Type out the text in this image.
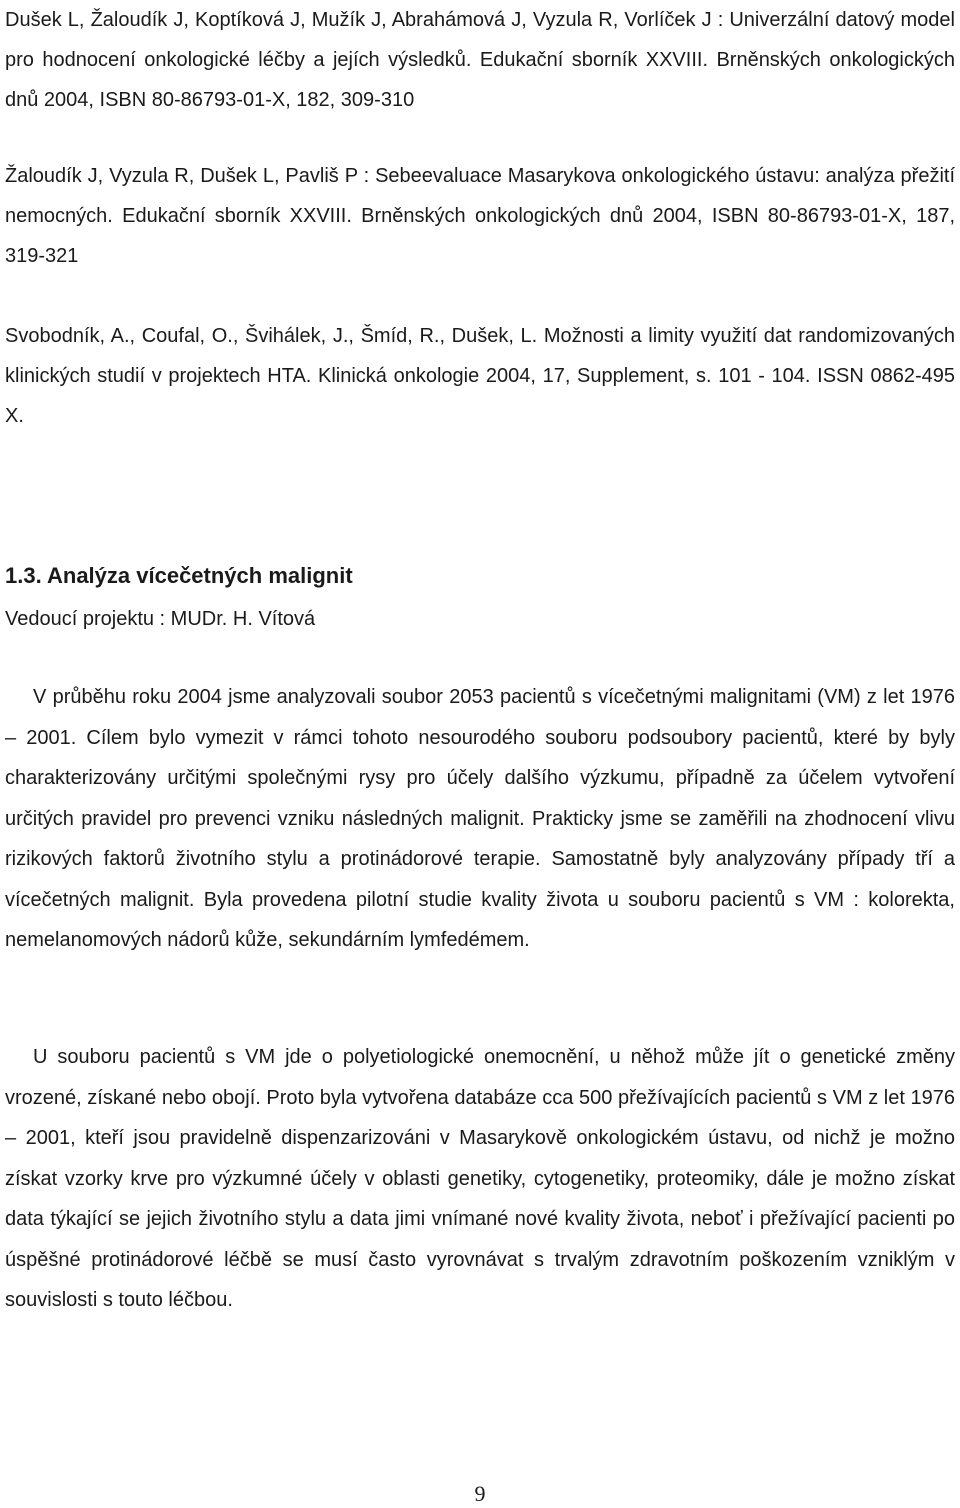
Dušek L, Žaloudík J, Koptíková J, Mužík J, Abrahámová J, Vyzula R, Vorlíček J : Univerzální datový model pro hodnocení onkologické léčby a jejích výsledků. Edukační sborník XXVIII. Brněnských onkologických dnů 2004, ISBN 80-86793-01-X, 182, 309-310

Žaloudík J, Vyzula R, Dušek L, Pavliš P : Sebeevaluace Masarykova onkologického ústavu: analýza přežití nemocných. Edukační sborník XXVIII. Brněnských onkologických dnů 2004, ISBN 80-86793-01-X, 187, 319-321

Svobodník, A., Coufal, O., Švihálek, J., Šmíd, R., Dušek, L. Možnosti a limity využití dat randomizovaných klinických studií v projektech HTA. Klinická onkologie 2004, 17, Supplement, s. 101 - 104. ISSN 0862-495 X.

1.3. Analýza vícečetných malignit

Vedoucí projektu : MUDr. H. Vítová

V průběhu roku 2004 jsme analyzovali soubor 2053 pacientů s vícečetnými malignitami (VM) z let 1976 – 2001. Cílem bylo vymezit v rámci tohoto nesourodého souboru podsoubory pacientů, které by byly charakterizovány určitými společnými rysy pro účely dalšího výzkumu, případně za účelem vytvoření určitých pravidel pro prevenci vzniku následných malignit. Prakticky jsme se zaměřili na zhodnocení vlivu rizikových faktorů životního stylu a protinádorové terapie. Samostatně byly analyzovány případy tří a vícečetných malignit. Byla provedena pilotní studie kvality života u souboru pacientů s VM : kolorekta, nemelanomových nádorů kůže, sekundárním lymfedémem.

U souboru pacientů s VM jde o polyetiologické onemocnění, u něhož může jít o genetické změny vrozené, získané nebo obojí. Proto byla vytvořena databáze cca 500 přežívajících pacientů s VM z let 1976 – 2001, kteří jsou pravidelně dispenzarizováni v Masarykově onkologickém ústavu, od nichž je možno získat vzorky krve pro výzkumné účely v oblasti genetiky, cytogenetiky, proteomiky, dále je možno získat data týkající se jejich životního stylu a data jimi vnímané nové kvality života, neboť i přežívající pacienti po úspěšné protinádorové léčbě se musí často vyrovnávat s trvalým zdravotním poškozením vzniklým v souvislosti s touto léčbou.

9
